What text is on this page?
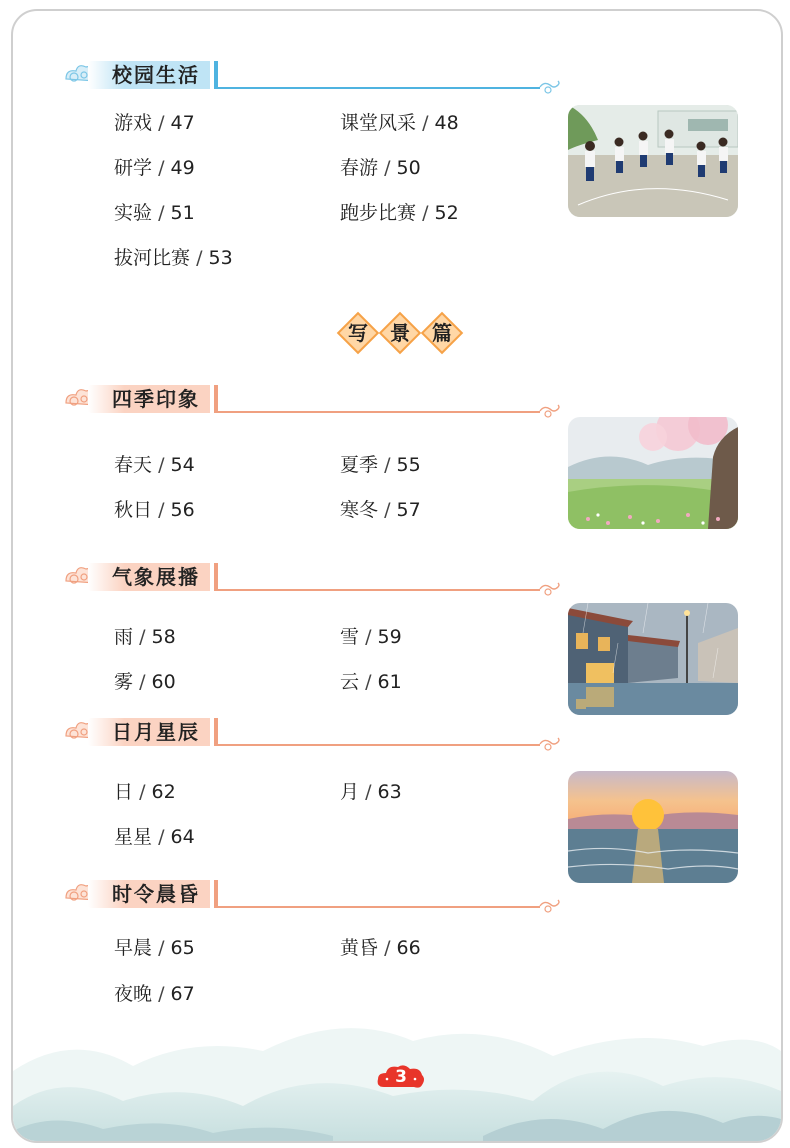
校园生活
游戏 / 47	课堂风采 / 48
研学 / 49	春游 / 50
实验 / 51	跑步比赛 / 52
拔河比赛 / 53
写	景	篇
四季印象
春天 / 54	夏季 / 55
秋日 / 56	寒冬 / 57
气象展播
雨 / 58	雪 / 59
雾 / 60	云 / 61
日月星辰
日 / 62	月 / 63
星星 / 64
时令晨昏
早晨 / 65	黄昏 / 66
夜晚 / 67
3
